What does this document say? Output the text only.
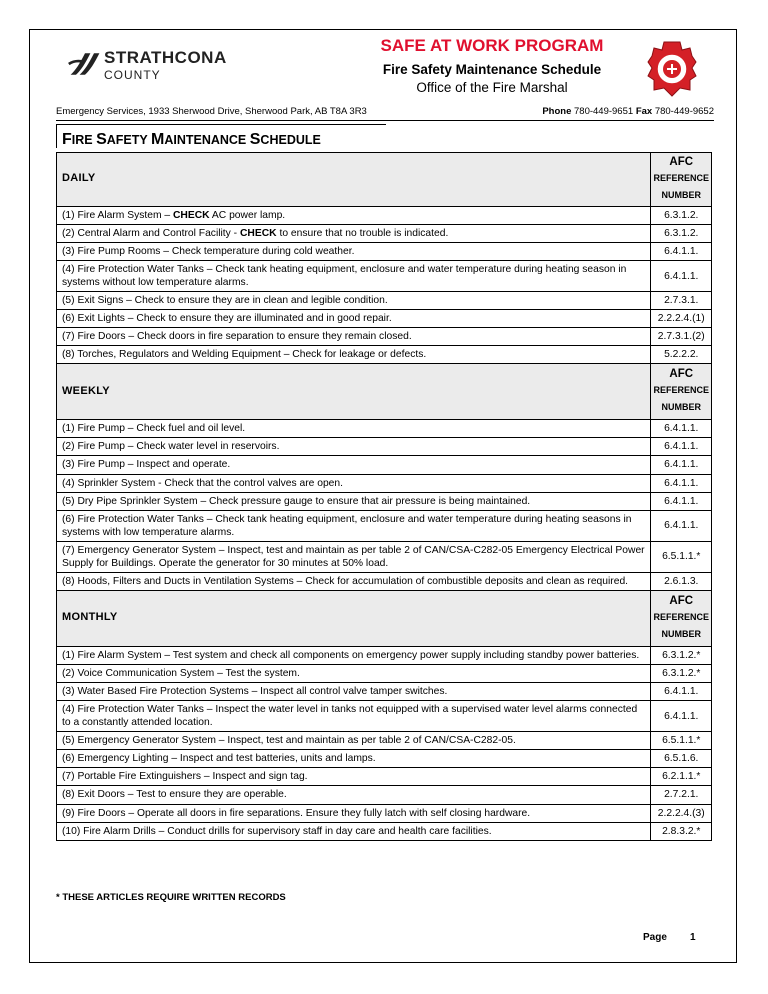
STRATHCONA
COUNTY
SAFE AT WORK PROGRAM
Fire Safety Maintenance Schedule
Office of the Fire Marshal
Emergency Services, 1933 Sherwood Drive, Sherwood Park, AB T8A 3R3	Phone 780-449-9651 Fax 780-449-9652
FIRE SAFETY MAINTENANCE SCHEDULE
DAILY	AFC
REFERENCE
NUMBER

(1) Fire Alarm System – CHECK AC power lamp.	6.3.1.2.
(2) Central Alarm and Control Facility - CHECK to ensure that no trouble is indicated.	6.3.1.2.
(3) Fire Pump Rooms – Check temperature during cold weather.	6.4.1.1.
(4) Fire Protection Water Tanks – Check tank heating equipment, enclosure and water temperature during heating season in systems without low temperature alarms.	6.4.1.1.
(5) Exit Signs – Check to ensure they are in clean and legible condition.	2.7.3.1.
(6) Exit Lights – Check to ensure they are illuminated and in good repair.	2.2.2.4.(1)
(7) Fire Doors – Check doors in fire separation to ensure they remain closed.	2.7.3.1.(2)
(8) Torches, Regulators and Welding Equipment – Check for leakage or defects.	5.2.2.2.
WEEKLY	AFC
REFERENCE
NUMBER

(1) Fire Pump – Check fuel and oil level.	6.4.1.1.
(2) Fire Pump – Check water level in reservoirs.	6.4.1.1.
(3) Fire Pump – Inspect and operate.	6.4.1.1.
(4) Sprinkler System - Check that the control valves are open.	6.4.1.1.
(5) Dry Pipe Sprinkler System – Check pressure gauge to ensure that air pressure is being maintained.	6.4.1.1.
(6) Fire Protection Water Tanks – Check tank heating equipment, enclosure and water temperature during heating seasons in systems with low temperature alarms.	6.4.1.1.
(7) Emergency Generator System – Inspect, test and maintain as per table 2 of CAN/CSA-C282-05 Emergency Electrical Power Supply for Buildings. Operate the generator for 30 minutes at 50% load.	6.5.1.1.*
(8) Hoods, Filters and Ducts in Ventilation Systems – Check for accumulation of combustible deposits and clean as required.	2.6.1.3.
MONTHLY	AFC
REFERENCE
NUMBER

(1) Fire Alarm System – Test system and check all components on emergency power supply including standby power batteries.	6.3.1.2.*
(2) Voice Communication System – Test the system.	6.3.1.2.*
(3) Water Based Fire Protection Systems – Inspect all control valve tamper switches.	6.4.1.1.
(4) Fire Protection Water Tanks – Inspect the water level in tanks not equipped with a supervised water level alarms connected to a constantly attended location.	6.4.1.1.
(5) Emergency Generator System – Inspect, test and maintain as per table 2 of CAN/CSA-C282-05.	6.5.1.1.*
(6) Emergency Lighting – Inspect and test batteries, units and lamps.	6.5.1.6.
(7) Portable Fire Extinguishers – Inspect and sign tag.	6.2.1.1.*
(8) Exit Doors – Test to ensure they are operable.	2.7.2.1.
(9) Fire Doors – Operate all doors in fire separations. Ensure they fully latch with self closing hardware.	2.2.2.4.(3)
(10) Fire Alarm Drills – Conduct drills for supervisory staff in day care and health care facilities.	2.8.3.2.*
* THESE ARTICLES REQUIRE WRITTEN RECORDS
Page 1
